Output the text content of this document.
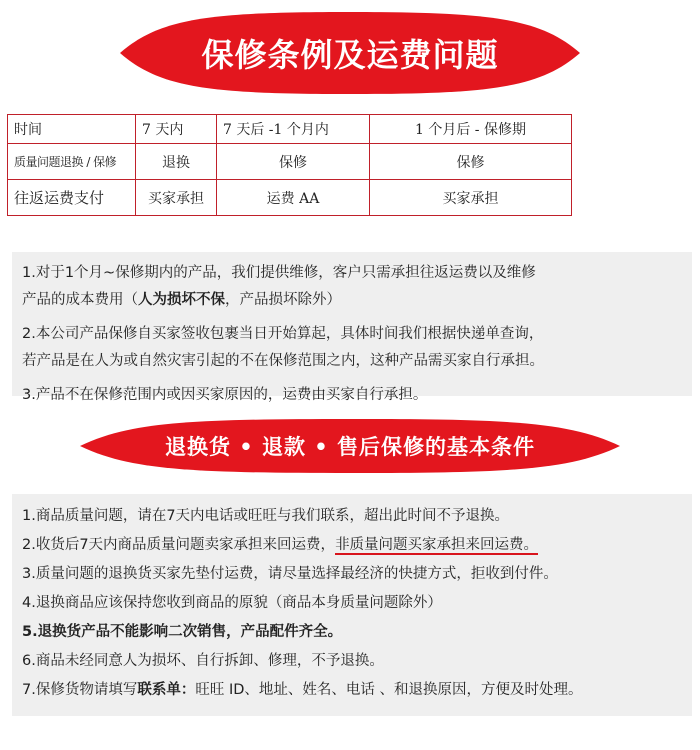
保修条例及运费问题
时间	7 天内	7 天后 -1 个月内	1 个月后 - 保修期
质量问题退换 / 保修	退换	保修	保修
往返运费支付	买家承担	运费 AA	买家承担
1.对于1个月~保修期内的产品，我们提供维修，客户只需承担往返运费以及维修
产品的成本费用（人为损坏不保，产品损坏除外）
2.本公司产品保修自买家签收包裹当日开始算起，具体时间我们根据快递单查询，
若产品是在人为或自然灾害引起的不在保修范围之内，这种产品需买家自行承担。
3.产品不在保修范围内或因买家原因的，运费由买家自行承担。
退换货 • 退款 • 售后保修的基本条件
1.商品质量问题，请在7天内电话或旺旺与我们联系，超出此时间不予退换。
2.收货后7天内商品质量问题卖家承担来回运费，非质量问题买家承担来回运费。
3.质量问题的退换货买家先垫付运费，请尽量选择最经济的快捷方式，拒收到付件。
4.退换商品应该保持您收到商品的原貌（商品本身质量问题除外）
5.退换货产品不能影响二次销售，产品配件齐全。
6.商品未经同意人为损坏、自行拆卸、修理，不予退换。
7.保修货物请填写联系单：旺旺 ID、地址、姓名、电话 、和退换原因，方便及时处理。
